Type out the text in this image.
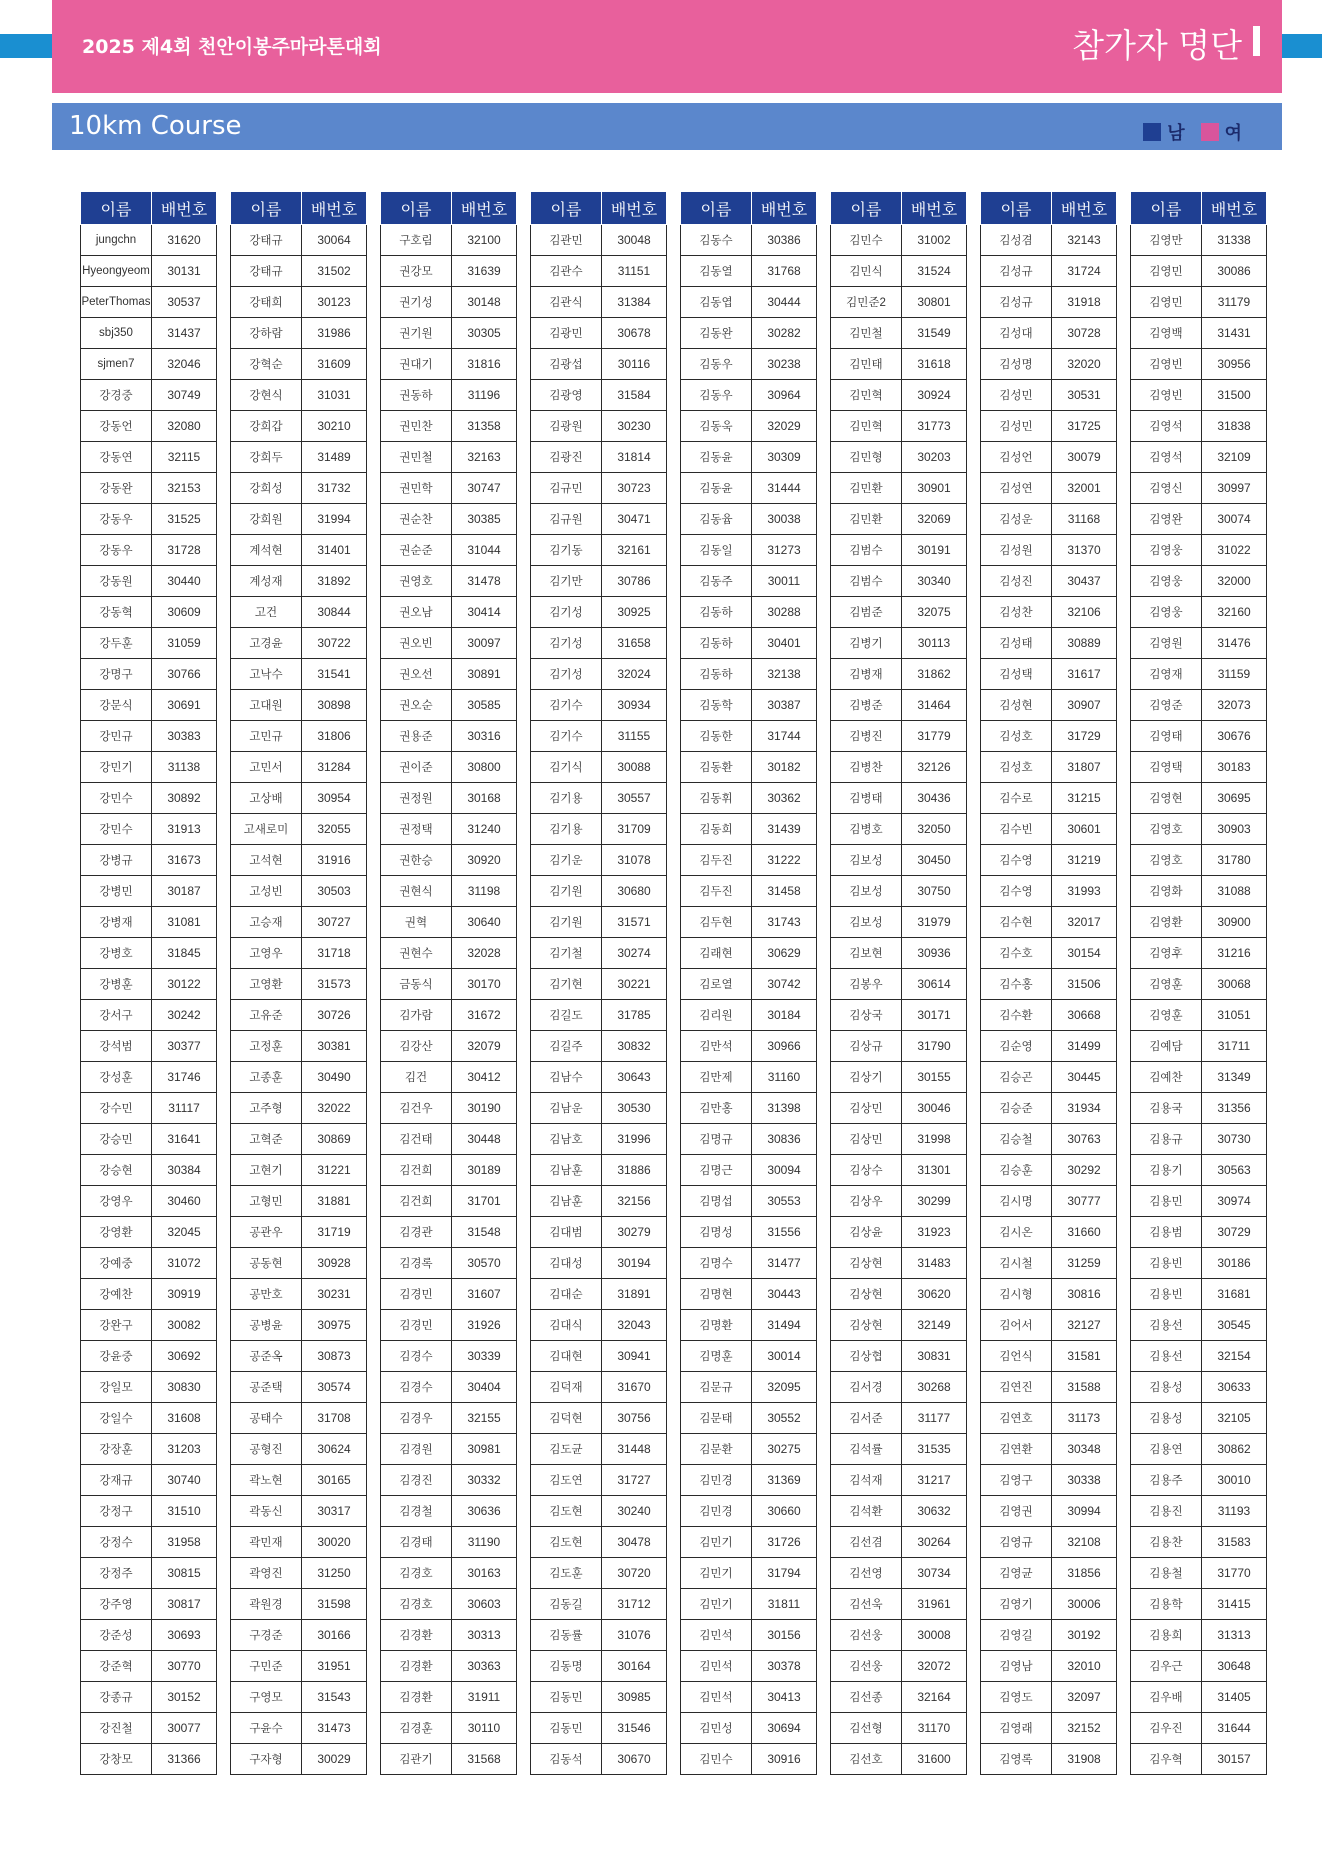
2025 제4회 천안이봉주마라톤대회	참가자 명단
10km Course	남 여
이름	배번호
jungchn	31620
Hyeongyeom	30131
PeterThomas	30537
sbj350	31437
sjmen7	32046
강경중	30749
강동언	32080
강동연	32115
강동완	32153
강동우	31525
강동우	31728
강동원	30440
강동혁	30609
강두훈	31059
강명구	30766
강문식	30691
강민규	30383
강민기	31138
강민수	30892
강민수	31913
강병규	31673
강병민	30187
강병재	31081
강병호	31845
강병훈	30122
강서구	30242
강석범	30377
강성훈	31746
강수민	31117
강승민	31641
강승현	30384
강영우	30460
강영환	32045
강예중	31072
강예찬	30919
강완구	30082
강윤중	30692
강일모	30830
강일수	31608
강장훈	31203
강재규	30740
강정구	31510
강정수	31958
강정주	30815
강주영	30817
강준성	30693
강준혁	30770
강종규	30152
강진철	30077
강창모	31366
이름	배번호
강태규	30064
강태규	31502
강태희	30123
강하람	31986
강혁순	31609
강현식	31031
강희갑	30210
강희두	31489
강희성	31732
강희원	31994
계석현	31401
계성재	31892
고건	30844
고경윤	30722
고낙수	31541
고대원	30898
고민규	31806
고민서	31284
고상배	30954
고새로미	32055
고석현	31916
고성빈	30503
고승재	30727
고영우	31718
고영환	31573
고유준	30726
고정훈	30381
고종훈	30490
고주형	32022
고혁준	30869
고현기	31221
고형민	31881
공관우	31719
공동현	30928
공만호	30231
공병윤	30975
공준옥	30873
공준택	30574
공태수	31708
공형진	30624
곽노현	30165
곽동신	30317
곽민재	30020
곽영진	31250
곽원경	31598
구경준	30166
구민준	31951
구영모	31543
구윤수	31473
구자형	30029
이름	배번호
구호림	32100
권강모	31639
권기성	30148
권기원	30305
권대기	31816
권동하	31196
권민찬	31358
권민철	32163
권민학	30747
권순찬	30385
권순준	31044
권영호	31478
권오남	30414
권오빈	30097
권오선	30891
권오순	30585
권용준	30316
권이준	30800
권정원	30168
권정택	31240
권한승	30920
권현식	31198
권혁	30640
권현수	32028
금동식	30170
김가람	31672
김강산	32079
김건	30412
김건우	30190
김건태	30448
김건희	30189
김건희	31701
김경관	31548
김경록	30570
김경민	31607
김경민	31926
김경수	30339
김경수	30404
김경우	32155
김경원	30981
김경진	30332
김경철	30636
김경태	31190
김경호	30163
김경호	30603
김경환	30313
김경환	30363
김경환	31911
김경훈	30110
김관기	31568
이름	배번호
김관민	30048
김관수	31151
김관식	31384
김광민	30678
김광섭	30116
김광영	31584
김광원	30230
김광진	31814
김규민	30723
김규원	30471
김기동	32161
김기만	30786
김기성	30925
김기성	31658
김기성	32024
김기수	30934
김기수	31155
김기식	30088
김기용	30557
김기용	31709
김기운	31078
김기원	30680
김기원	31571
김기철	30274
김기현	30221
김길도	31785
김길주	30832
김남수	30643
김남운	30530
김남호	31996
김남훈	31886
김남훈	32156
김대범	30279
김대성	30194
김대순	31891
김대식	32043
김대현	30941
김덕재	31670
김덕현	30756
김도균	31448
김도연	31727
김도현	30240
김도현	30478
김도훈	30720
김동길	31712
김동률	31076
김동명	30164
김동민	30985
김동민	31546
김동석	30670
이름	배번호
김동수	30386
김동열	31768
김동엽	30444
김동완	30282
김동우	30238
김동우	30964
김동욱	32029
김동윤	30309
김동윤	31444
김동윰	30038
김동일	31273
김동주	30011
김동하	30288
김동하	30401
김동하	32138
김동학	30387
김동한	31744
김동환	30182
김동휘	30362
김동희	31439
김두진	31222
김두진	31458
김두현	31743
김래현	30629
김로열	30742
김리원	30184
김만석	30966
김만제	31160
김만홍	31398
김명규	30836
김명근	30094
김명섭	30553
김명성	31556
김명수	31477
김명현	30443
김명환	31494
김명훈	30014
김문규	32095
김문태	30552
김문환	30275
김민경	31369
김민경	30660
김민기	31726
김민기	31794
김민기	31811
김민석	30156
김민석	30378
김민석	30413
김민성	30694
김민수	30916
이름	배번호
김민수	31002
김민식	31524
김민준2	30801
김민철	31549
김민태	31618
김민혁	30924
김민혁	31773
김민형	30203
김민환	30901
김민환	32069
김범수	30191
김범수	30340
김범준	32075
김병기	30113
김병재	31862
김병준	31464
김병진	31779
김병찬	32126
김병태	30436
김병호	32050
김보성	30450
김보성	30750
김보성	31979
김보현	30936
김봉우	30614
김상국	30171
김상규	31790
김상기	30155
김상민	30046
김상민	31998
김상수	31301
김상우	30299
김상윤	31923
김상현	31483
김상현	30620
김상현	32149
김상협	30831
김서경	30268
김서준	31177
김석률	31535
김석재	31217
김석환	30632
김선겸	30264
김선영	30734
김선욱	31961
김선웅	30008
김선웅	32072
김선종	32164
김선형	31170
김선호	31600
이름	배번호
김성겸	32143
김성규	31724
김성규	31918
김성대	30728
김성명	32020
김성민	30531
김성민	31725
김성언	30079
김성연	32001
김성운	31168
김성원	31370
김성진	30437
김성찬	32106
김성태	30889
김성택	31617
김성현	30907
김성호	31729
김성호	31807
김수로	31215
김수빈	30601
김수영	31219
김수영	31993
김수현	32017
김수호	30154
김수홍	31506
김수환	30668
김순영	31499
김승곤	30445
김승준	31934
김승철	30763
김승훈	30292
김시명	30777
김시온	31660
김시철	31259
김시형	30816
김어서	32127
김언식	31581
김연진	31588
김연호	31173
김연환	30348
김영구	30338
김영권	30994
김영규	32108
김영균	31856
김영기	30006
김영길	30192
김영남	32010
김영도	32097
김영래	32152
김영록	31908
이름	배번호
김영만	31338
김영민	30086
김영민	31179
김영백	31431
김영빈	30956
김영빈	31500
김영석	31838
김영석	32109
김영신	30997
김영완	30074
김영웅	31022
김영웅	32000
김영웅	32160
김영원	31476
김영재	31159
김영준	32073
김영태	30676
김영택	30183
김영현	30695
김영호	30903
김영호	31780
김영화	31088
김영환	30900
김영후	31216
김영훈	30068
김영훈	31051
김예담	31711
김예찬	31349
김용국	31356
김용규	30730
김용기	30563
김용민	30974
김용범	30729
김용빈	30186
김용빈	31681
김용선	30545
김용선	32154
김용성	30633
김용성	32105
김용연	30862
김용주	30010
김용진	31193
김용찬	31583
김용철	31770
김용학	31415
김용희	31313
김우근	30648
김우배	31405
김우진	31644
김우혁	30157
